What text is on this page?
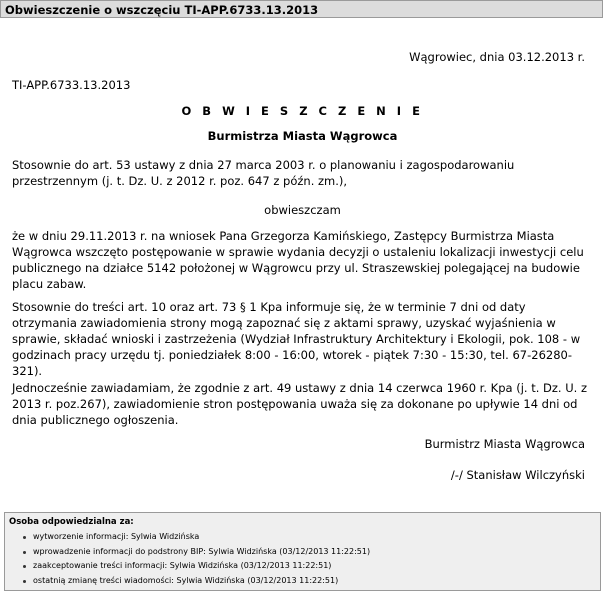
Obwieszczenie o wszczęciu TI-APP.6733.13.2013
Wągrowiec, dnia 03.12.2013 r.
TI-APP.6733.13.2013
O B W I E S Z C Z E N I E
Burmistrza Miasta Wągrowca
Stosownie do art. 53 ustawy z dnia 27 marca 2003 r. o planowaniu i zagospodarowaniu przestrzennym (j. t. Dz. U. z 2012 r. poz. 647 z późn. zm.),
obwieszczam
że w dniu 29.11.2013 r. na wniosek Pana Grzegorza Kamińskiego, Zastępcy Burmistrza Miasta Wągrowca wszczęto postępowanie w sprawie wydania decyzji o ustaleniu lokalizacji inwestycji celu publicznego na działce 5142 położonej w Wągrowcu przy ul. Straszewskiej polegającej na budowie placu zabaw.
Stosownie do treści art. 10 oraz art. 73 § 1 Kpa informuje się, że w terminie 7 dni od daty otrzymania zawiadomienia strony mogą zapoznać się z aktami sprawy, uzyskać wyjaśnienia w sprawie, składać wnioski i zastrzeżenia (Wydział Infrastruktury Architektury i Ekologii, pok. 108 - w godzinach pracy urzędu tj. poniedziałek 8:00 - 16:00, wtorek - piątek 7:30 - 15:30, tel. 67-26280-321).
Jednocześnie zawiadamiam, że zgodnie z art. 49 ustawy z dnia 14 czerwca 1960 r. Kpa (j. t. Dz. U. z 2013 r. poz.267), zawiadomienie stron postępowania uważa się za dokonane po upływie 14 dni od dnia publicznego ogłoszenia.
Burmistrz Miasta Wągrowca
/-/ Stanisław Wilczyński
Osoba odpowiedzialna za:
wytworzenie informacji: Sylwia Widzińska
wprowadzenie informacji do podstrony BIP: Sylwia Widzińska (03/12/2013 11:22:51)
zaakceptowanie treści informacji: Sylwia Widzińska (03/12/2013 11:22:51)
ostatnią zmianę treści wiadomości: Sylwia Widzińska (03/12/2013 11:22:51)
